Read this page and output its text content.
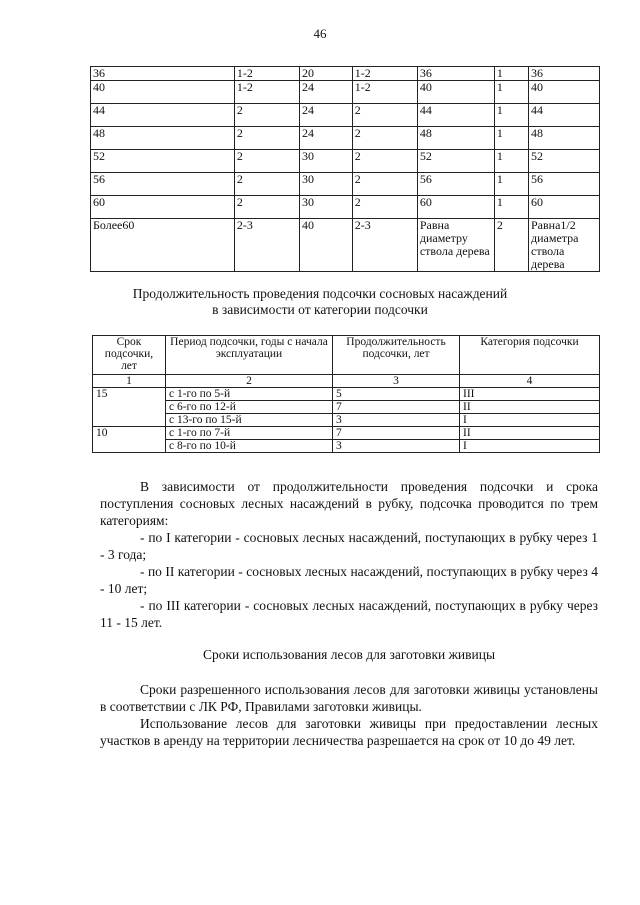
46
36	1-2	20	1-2	36	1	36
40	1-2	24	1-2	40	1	40
44	2	24	2	44	1	44
48	2	24	2	48	1	48
52	2	30	2	52	1	52
56	2	30	2	56	1	56
60	2	30	2	60	1	60
Более60	2-3	40	2-3	Равна диаметру ствола дерева	2	Равна1/2 диаметра ствола дерева
Продолжительность проведения подсочки сосновых насаждений
в зависимости от категории подсочки
Срок подсочки, лет	Период подсочки, годы с начала эксплуатации	Продолжительность подсочки, лет	Категория подсочки
1	2	3	4
15	с 1-го по 5-й	5	III
	с 6-го по 12-й	7	II
	с 13-го по 15-й	3	I
10	с 1-го по 7-й	7	II
	с 8-го по 10-й	3	I

В зависимости от продолжительности проведения подсочки и срока поступления сосновых лесных насаждений в рубку, подсочка проводится по трем категориям:

- по I категории - сосновых лесных насаждений, поступающих в рубку через 1 - 3 года;

- по II категории - сосновых лесных насаждений, поступающих в рубку через 4 - 10 лет;

- по III категории - сосновых лесных насаждений, поступающих в рубку через 11 - 15 лет.

Сроки использования лесов для заготовки живицы

Сроки разрешенного использования лесов для заготовки живицы установлены в соответствии с ЛК РФ, Правилами заготовки живицы.

Использование лесов для заготовки живицы при предоставлении лесных участков в аренду на территории лесничества разрешается на срок от 10 до 49 лет.
